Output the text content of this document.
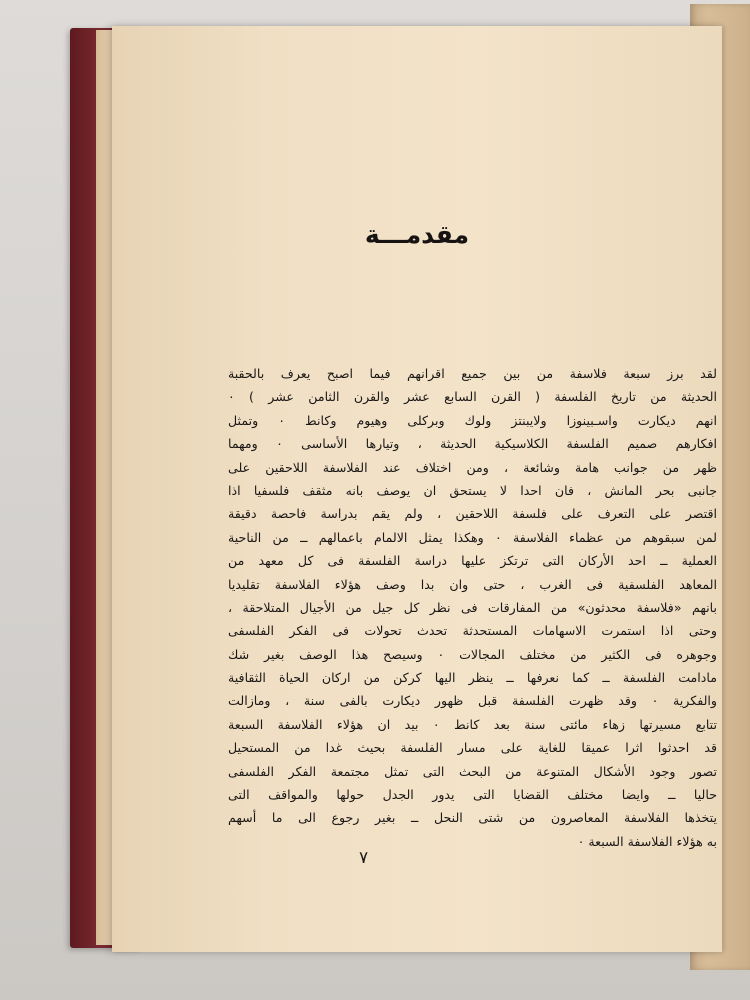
مقدمـــة
لقد برز سبعة فلاسفة من بين جميع اقرانهم فيما اصبح يعرف بالحقبة
الحديثة من تاريخ الفلسفة ( القرن السابع عشر والقرن الثامن عشر ) ٠
انهم ديكارت واسـبينوزا ولايبنتز ولوك وبركلى وهيوم وكانط ٠ وتمثل
افكارهم صميم الفلسفة الكلاسيكية الحديثة ، وتيارها الأساسى ٠ ومهما
ظهر من جوانب هامة وشائعة ، ومن اختلاف عند الفلاسفة اللاحقين على
جانبى بحر المانش ، فان احدا لا يستحق ان يوصف بانه مثقف فلسفيا اذا
اقتصر على التعرف على فلسفة اللاحقين ، ولم يقم بدراسة فاحصة دقيقة
لمن سبقوهم من عظماء الفلاسفة ٠ وهكذا يمثل الالمام باعمالهم ــ من الناحية
العملية ــ احد الأركان التى ترتكز عليها دراسة الفلسفة فى كل معهد من
المعاهد الفلسفية فى الغرب ، حتى وان بدا وصف هؤلاء الفلاسفة تقليديا
بانهم «فلاسفة محدثون» من المفارقات فى نظر كل جيل من الأجيال المتلاحقة ،
وحتى اذا استمرت الاسهامات المستحدثة تحدث تحولات فى الفكر الفلسفى
وجوهره فى الكثير من مختلف المجالات ٠ وسيصح هذا الوصف بغير شك
مادامت الفلسفة ــ كما نعرفها ــ ينظر اليها كركن من اركان الحياة الثقافية
والفكرية ٠ وقد ظهرت الفلسفة قبل ظهور ديكارت بالفى سنة ، ومازالت
تتابع مسيرتها زهاء مائتى سنة بعد كانط ٠ بيد ان هؤلاء الفلاسفة السبعة
قد احدثوا اثرا عميقا للغاية على مسار الفلسفة بحيث غدا من المستحيل
تصور وجود الأشكال المتنوعة من البحث التى تمثل مجتمعة الفكر الفلسفى
حاليا ــ وايضا مختلف القضايا التى يدور الجدل حولها والمواقف التى
يتخذها الفلاسفة المعاصرون من شتى النحل ــ بغير رجوع الى ما أسهم
به هؤلاء الفلاسفة السبعة ٠
٧
